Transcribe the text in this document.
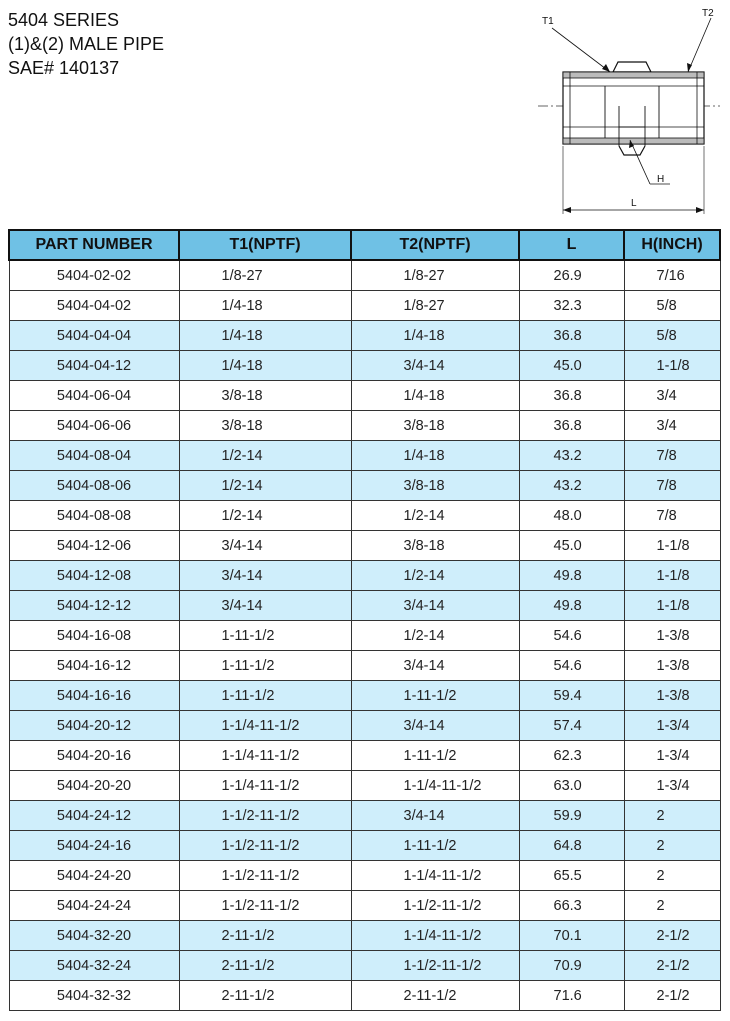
5404 SERIES
(1)&(2) MALE PIPE
SAE# 140137
T1
T2
H
L
PART NUMBER	T1(NPTF)	T2(NPTF)	L	H(INCH)
5404-02-02	1/8-27	1/8-27	26.9	7/16
5404-04-02	1/4-18	1/8-27	32.3	5/8
5404-04-04	1/4-18	1/4-18	36.8	5/8
5404-04-12	1/4-18	3/4-14	45.0	1-1/8
5404-06-04	3/8-18	1/4-18	36.8	3/4
5404-06-06	3/8-18	3/8-18	36.8	3/4
5404-08-04	1/2-14	1/4-18	43.2	7/8
5404-08-06	1/2-14	3/8-18	43.2	7/8
5404-08-08	1/2-14	1/2-14	48.0	7/8
5404-12-06	3/4-14	3/8-18	45.0	1-1/8
5404-12-08	3/4-14	1/2-14	49.8	1-1/8
5404-12-12	3/4-14	3/4-14	49.8	1-1/8
5404-16-08	1-11-1/2	1/2-14	54.6	1-3/8
5404-16-12	1-11-1/2	3/4-14	54.6	1-3/8
5404-16-16	1-11-1/2	1-11-1/2	59.4	1-3/8
5404-20-12	1-1/4-11-1/2	3/4-14	57.4	1-3/4
5404-20-16	1-1/4-11-1/2	1-11-1/2	62.3	1-3/4
5404-20-20	1-1/4-11-1/2	1-1/4-11-1/2	63.0	1-3/4
5404-24-12	1-1/2-11-1/2	3/4-14	59.9	2
5404-24-16	1-1/2-11-1/2	1-11-1/2	64.8	2
5404-24-20	1-1/2-11-1/2	1-1/4-11-1/2	65.5	2
5404-24-24	1-1/2-11-1/2	1-1/2-11-1/2	66.3	2
5404-32-20	2-11-1/2	1-1/4-11-1/2	70.1	2-1/2
5404-32-24	2-11-1/2	1-1/2-11-1/2	70.9	2-1/2
5404-32-32	2-11-1/2	2-11-1/2	71.6	2-1/2
